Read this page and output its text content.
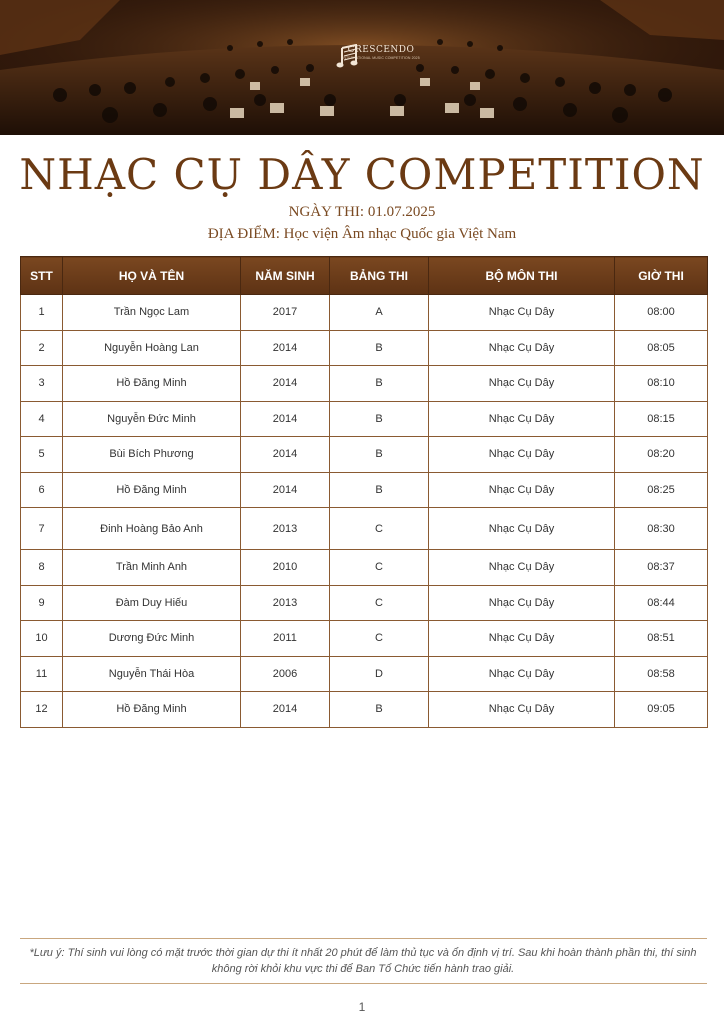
CRESCENDO
INTERNATIONAL MUSIC COMPETITION 2025
NHẠC CỤ DÂY COMPETITION
NGÀY THI: 01.07.2025
ĐỊA ĐIỂM: Học viện Âm nhạc Quốc gia Việt Nam
STT	HỌ VÀ TÊN	NĂM SINH	BẢNG THI	BỘ MÔN THI	GIỜ THI
1	Trần Ngọc Lam	2017	A	Nhạc Cụ Dây	08:00
2	Nguyễn Hoàng Lan	2014	B	Nhạc Cụ Dây	08:05
3	Hồ Đăng Minh	2014	B	Nhạc Cụ Dây	08:10
4	Nguyễn Đức Minh	2014	B	Nhạc Cụ Dây	08:15
5	Bùi Bích Phương	2014	B	Nhạc Cụ Dây	08:20
6	Hồ Đăng Minh	2014	B	Nhạc Cụ Dây	08:25
7	Đinh Hoàng Bảo Anh	2013	C	Nhạc Cụ Dây	08:30
8	Trần Minh Anh	2010	C	Nhạc Cụ Dây	08:37
9	Đàm Duy Hiếu	2013	C	Nhạc Cụ Dây	08:44
10	Dương Đức Minh	2011	C	Nhạc Cụ Dây	08:51
11	Nguyễn Thái Hòa	2006	D	Nhạc Cụ Dây	08:58
12	Hồ Đăng Minh	2014	B	Nhạc Cụ Dây	09:05
*Lưu ý: Thí sinh vui lòng có mặt trước thời gian dự thi ít nhất 20 phút để làm thủ tục và ổn định vị trí. Sau khi hoàn thành phần thi, thí sinh không rời khỏi khu vực thi để Ban Tổ Chức tiến hành trao giải.
1
